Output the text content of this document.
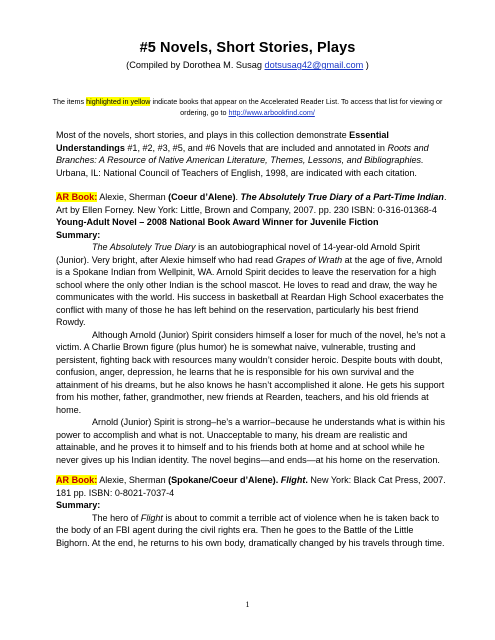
#5 Novels, Short Stories, Plays
(Compiled by Dorothea M. Susag dotsusag42@gmail.com )
The items highlighted in yellow indicate books that appear on the Accelerated Reader List. To access that list for viewing or ordering, go to http://www.arbookfind.com/

Most of the novels, short stories, and plays in this collection demonstrate Essential Understandings #1, #2, #3, #5, and #6 Novels that are included and annotated in Roots and Branches: A Resource of Native American Literature, Themes, Lessons, and Bibliographies. Urbana, IL: National Council of Teachers of English, 1998, are indicated with each citation.

AR Book: Alexie, Sherman (Coeur d’Alene). The Absolutely True Diary of a Part-Time Indian.

Art by Ellen Forney. New York: Little, Brown and Company, 2007. pp. 230 ISBN: 0-316-01368-4

Young-Adult Novel – 2008 National Book Award Winner for Juvenile Fiction

Summary:

The Absolutely True Diary is an autobiographical novel of 14-year-old Arnold Spirit (Junior). Very bright, after Alexie himself who had read Grapes of Wrath at the age of five, Arnold is a Spokane Indian from Wellpinit, WA. Arnold Spirit decides to leave the reservation for a high school where the only other Indian is the school mascot. He loves to read and draw, the way he communicates with the world. His success in basketball at Reardan High School exacerbates the conflict with many of those he has left behind on the reservation, particularly his best friend Rowdy.

Although Arnold (Junior) Spirit considers himself a loser for much of the novel, he’s not a victim. A Charlie Brown figure (plus humor) he is somewhat naive, vulnerable, trusting and persistent, fighting back with resources many wouldn’t consider heroic. Despite bouts with doubt, confusion, anger, depression, he learns that he is responsible for his own survival and the attainment of his dreams, but he also knows he hasn’t accomplished it alone. He gets his support from his mother, father, grandmother, new friends at Rearden, teachers, and his old friends at home.

Arnold (Junior) Spirit is strong–he’s a warrior–because he understands what is within his power to accomplish and what is not. Unacceptable to many, his dream are realistic and attainable, and he proves it to himself and to his friends both at home and at school while he never gives up his Indian identity. The novel begins—and ends—at his home on the reservation.

AR Book: Alexie, Sherman (Spokane/Coeur d’Alene). Flight. New York: Black Cat Press, 2007. 181 pp. ISBN: 0-8021-7037-4

Summary:

The hero of Flight is about to commit a terrible act of violence when he is taken back to the body of an FBI agent during the civil rights era. Then he goes to the Battle of the Little Bighorn. At the end, he returns to his own body, dramatically changed by his travels through time.

1
